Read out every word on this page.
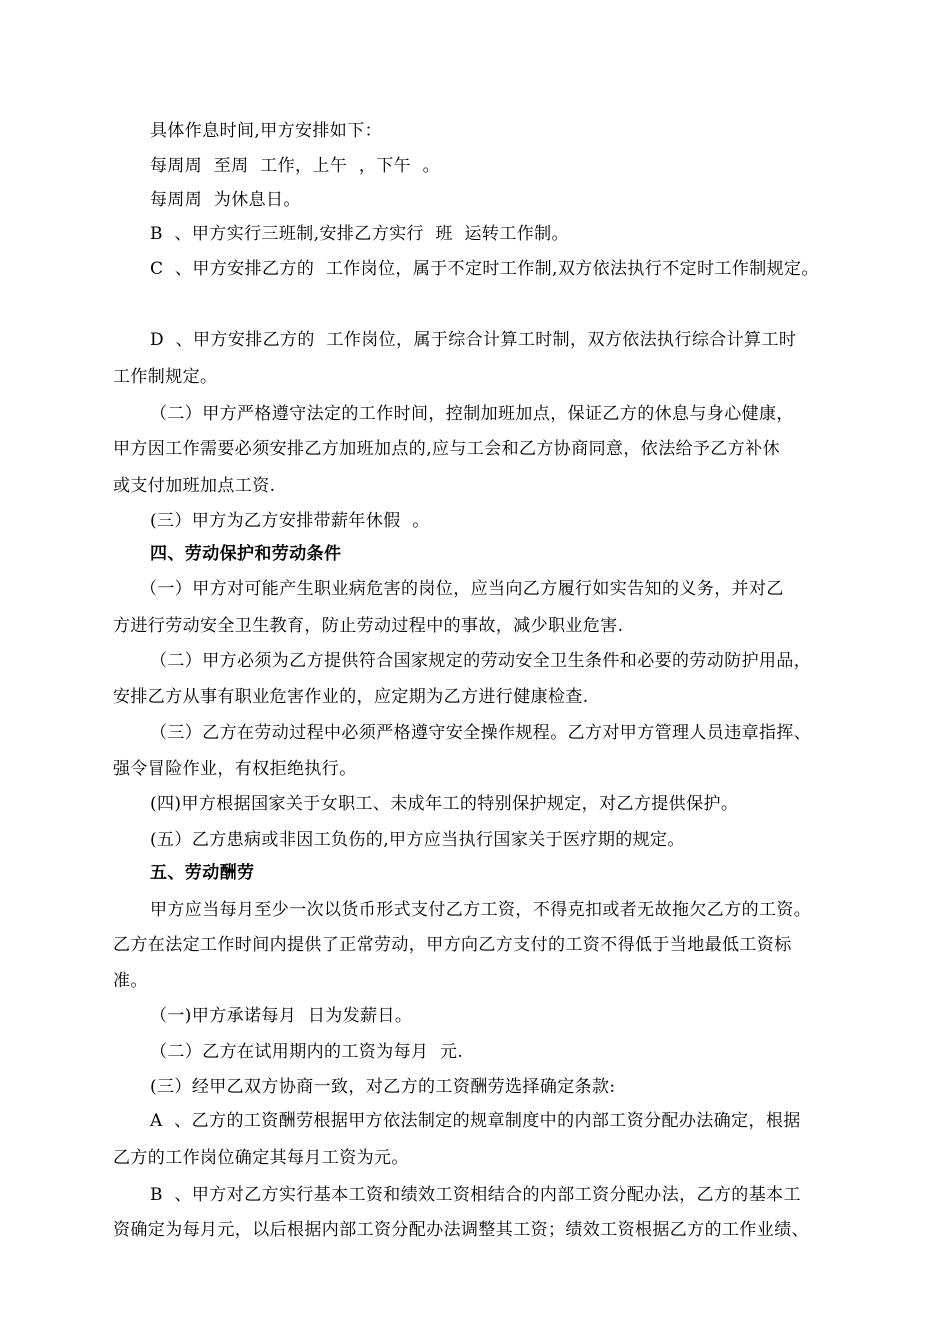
具体作息时间,甲方安排如下：
每周周  至周  工作，上午  ，下午  。
每周周  为休息日。
B  、甲方实行三班制,安排乙方实行  班  运转工作制。
C  、甲方安排乙方的  工作岗位，属于不定时工作制,双方依法执行不定时工作制规定。
D  、甲方安排乙方的  工作岗位，属于综合计算工时制，双方依法执行综合计算工时
工作制规定。
（二）甲方严格遵守法定的工作时间，控制加班加点，保证乙方的休息与身心健康，
甲方因工作需要必须安排乙方加班加点的,应与工会和乙方协商同意，依法给予乙方补休
或支付加班加点工资.
(三）甲方为乙方安排带薪年休假  。
四、劳动保护和劳动条件
（一）甲方对可能产生职业病危害的岗位，应当向乙方履行如实告知的义务，并对乙
方进行劳动安全卫生教育，防止劳动过程中的事故，减少职业危害.
（二）甲方必须为乙方提供符合国家规定的劳动安全卫生条件和必要的劳动防护用品，
安排乙方从事有职业危害作业的，应定期为乙方进行健康检查.
（三）乙方在劳动过程中必须严格遵守安全操作规程。乙方对甲方管理人员违章指挥、
强令冒险作业，有权拒绝执行。
(四)甲方根据国家关于女职工、未成年工的特别保护规定，对乙方提供保护。
(五）乙方患病或非因工负伤的,甲方应当执行国家关于医疗期的规定。
五、劳动酬劳
甲方应当每月至少一次以货币形式支付乙方工资，不得克扣或者无故拖欠乙方的工资。
乙方在法定工作时间内提供了正常劳动，甲方向乙方支付的工资不得低于当地最低工资标
准。
（一)甲方承诺每月  日为发薪日。
（二）乙方在试用期内的工资为每月  元.
(三）经甲乙双方协商一致，对乙方的工资酬劳选择确定条款:
A  、乙方的工资酬劳根据甲方依法制定的规章制度中的内部工资分配办法确定，根据
乙方的工作岗位确定其每月工资为元。
B  、甲方对乙方实行基本工资和绩效工资相结合的内部工资分配办法，乙方的基本工
资确定为每月元，以后根据内部工资分配办法调整其工资；绩效工资根据乙方的工作业绩、
